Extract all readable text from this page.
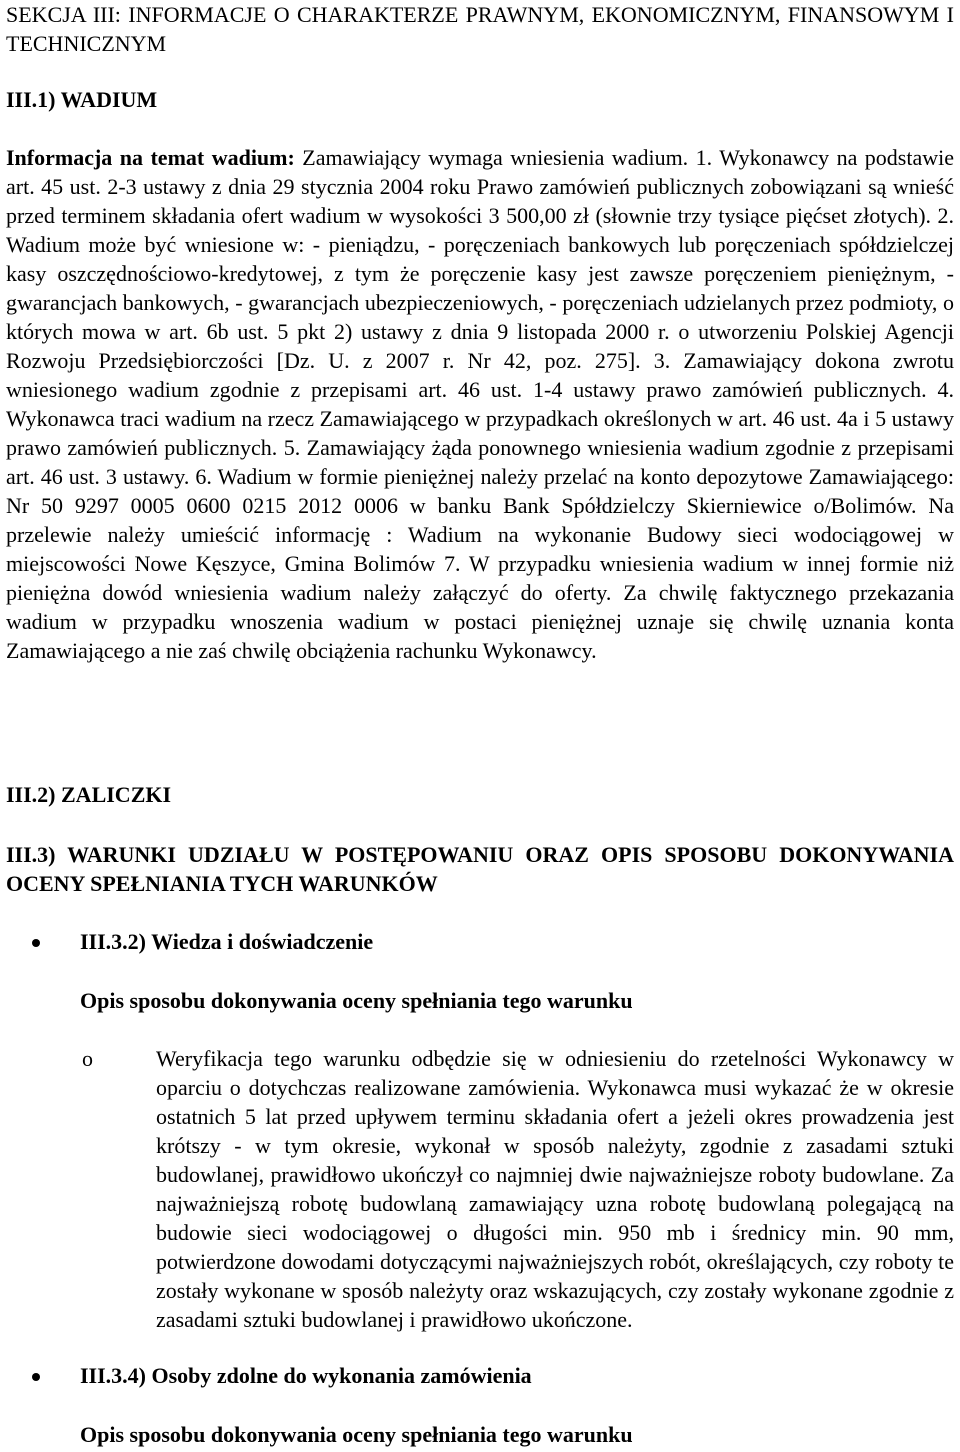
SEKCJA III: INFORMACJE O CHARAKTERZE PRAWNYM, EKONOMICZNYM, FINANSOWYM I TECHNICZNYM
III.1) WADIUM
Informacja na temat wadium: Zamawiający wymaga wniesienia wadium. 1. Wykonawcy na podstawie art. 45 ust. 2-3 ustawy z dnia 29 stycznia 2004 roku Prawo zamówień publicznych zobowiązani są wnieść przed terminem składania ofert wadium w wysokości 3 500,00 zł (słownie trzy tysiące pięćset złotych). 2. Wadium może być wniesione w: - pieniądzu, - poręczeniach bankowych lub poręczeniach spółdzielczej kasy oszczędnościowo-kredytowej, z tym że poręczenie kasy jest zawsze poręczeniem pieniężnym, - gwarancjach bankowych, - gwarancjach ubezpieczeniowych, - poręczeniach udzielanych przez podmioty, o których mowa w art. 6b ust. 5 pkt 2) ustawy z dnia 9 listopada 2000 r. o utworzeniu Polskiej Agencji Rozwoju Przedsiębiorczości [Dz. U. z 2007 r. Nr 42, poz. 275]. 3. Zamawiający dokona zwrotu wniesionego wadium zgodnie z przepisami art. 46 ust. 1-4 ustawy prawo zamówień publicznych. 4. Wykonawca traci wadium na rzecz Zamawiającego w przypadkach określonych w art. 46 ust. 4a i 5 ustawy prawo zamówień publicznych. 5. Zamawiający żąda ponownego wniesienia wadium zgodnie z przepisami art. 46 ust. 3 ustawy. 6. Wadium w formie pieniężnej należy przelać na konto depozytowe Zamawiającego: Nr 50 9297 0005 0600 0215 2012 0006 w banku Bank Spółdzielczy Skierniewice o/Bolimów. Na przelewie należy umieścić informację : Wadium na wykonanie Budowy sieci wodociągowej w miejscowości Nowe Kęszyce, Gmina Bolimów 7. W przypadku wniesienia wadium w innej formie niż pieniężna dowód wniesienia wadium należy załączyć do oferty. Za chwilę faktycznego przekazania wadium w przypadku wnoszenia wadium w postaci pieniężnej uznaje się chwilę uznania konta Zamawiającego a nie zaś chwilę obciążenia rachunku Wykonawcy.
III.2) ZALICZKI
III.3) WARUNKI UDZIAŁU W POSTĘPOWANIU ORAZ OPIS SPOSOBU DOKONYWANIA OCENY SPEŁNIANIA TYCH WARUNKÓW
III.3.2) Wiedza i doświadczenie
Opis sposobu dokonywania oceny spełniania tego warunku
o	Weryfikacja tego warunku odbędzie się w odniesieniu do rzetelności Wykonawcy w oparciu o dotychczas realizowane zamówienia. Wykonawca musi wykazać że w okresie ostatnich 5 lat przed upływem terminu składania ofert a jeżeli okres prowadzenia jest krótszy - w tym okresie, wykonał w sposób należyty, zgodnie z zasadami sztuki budowlanej, prawidłowo ukończył co najmniej dwie najważniejsze roboty budowlane. Za najważniejszą robotę budowlaną zamawiający uzna robotę budowlaną polegającą na budowie sieci wodociągowej o długości min. 950 mb i średnicy min. 90 mm, potwierdzone dowodami dotyczącymi najważniejszych robót, określających, czy roboty te zostały wykonane w sposób należyty oraz wskazujących, czy zostały wykonane zgodnie z zasadami sztuki budowlanej i prawidłowo ukończone.
III.3.4) Osoby zdolne do wykonania zamówienia
Opis sposobu dokonywania oceny spełniania tego warunku
